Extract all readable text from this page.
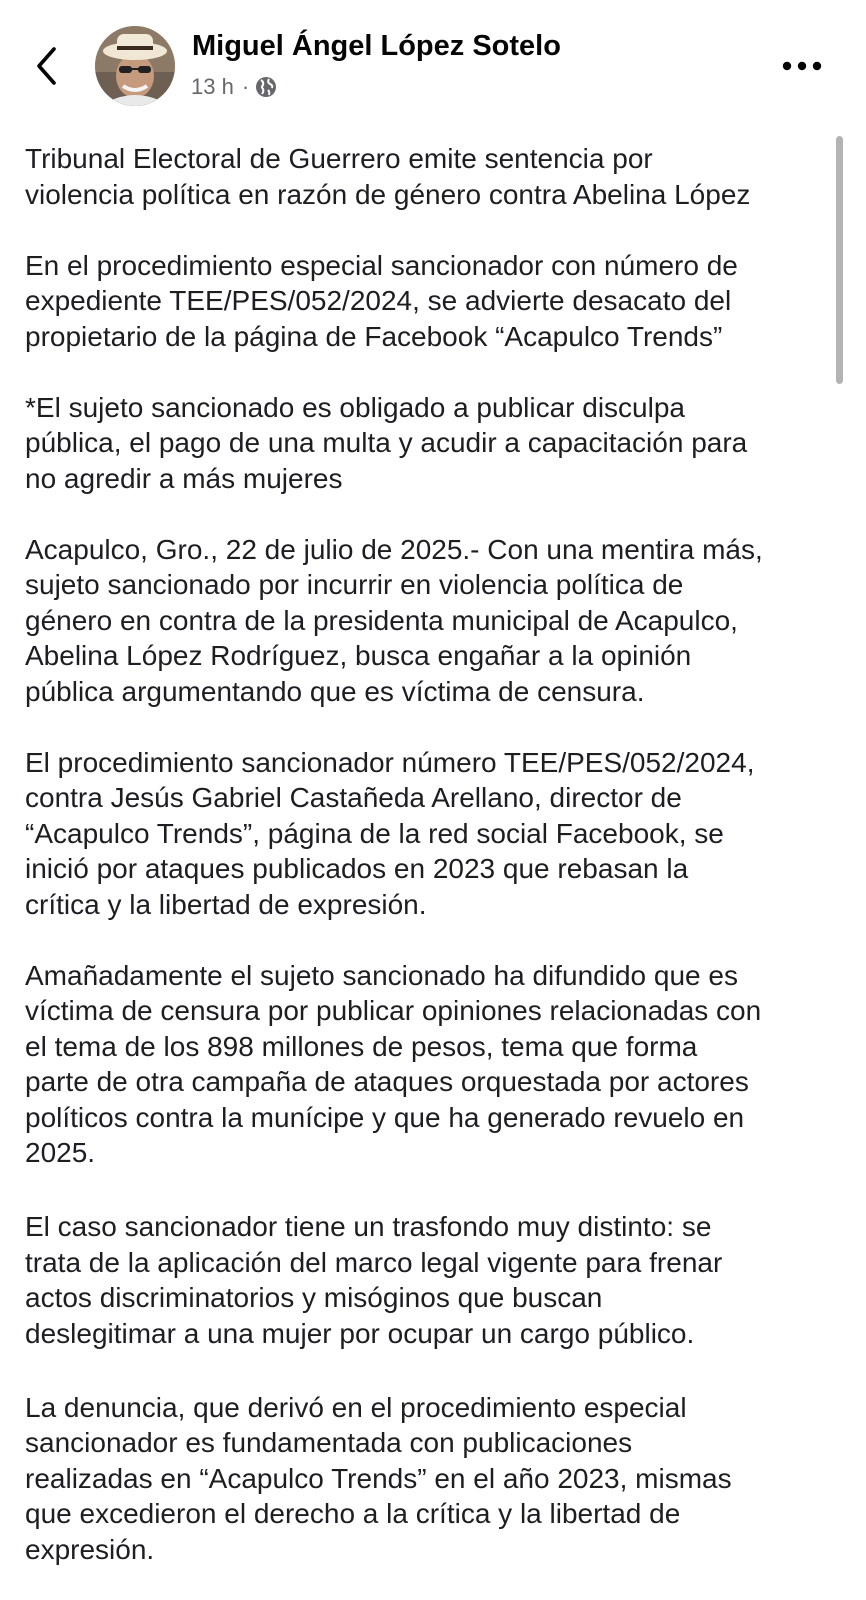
Miguel Ángel López Sotelo
13 h ·

Tribunal Electoral de Guerrero emite sentencia por
violencia política en razón de género contra Abelina López

En el procedimiento especial sancionador con número de
expediente TEE/PES/052/2024, se advierte desacato del
propietario de la página de Facebook “Acapulco Trends”

*El sujeto sancionado es obligado a publicar disculpa
pública, el pago de una multa y acudir a capacitación para
no agredir a más mujeres

Acapulco, Gro., 22 de julio de 2025.- Con una mentira más,
sujeto sancionado por incurrir en violencia política de
género en contra de la presidenta municipal de Acapulco,
Abelina López Rodríguez, busca engañar a la opinión
pública argumentando que es víctima de censura.

El procedimiento sancionador número TEE/PES/052/2024,
contra Jesús Gabriel Castañeda Arellano, director de
“Acapulco Trends”, página de la red social Facebook, se
inició por ataques publicados en 2023 que rebasan la
crítica y la libertad de expresión.

Amañadamente el sujeto sancionado ha difundido que es
víctima de censura por publicar opiniones relacionadas con
el tema de los 898 millones de pesos, tema que forma
parte de otra campaña de ataques orquestada por actores
políticos contra la munícipe y que ha generado revuelo en
2025.

El caso sancionador tiene un trasfondo muy distinto: se
trata de la aplicación del marco legal vigente para frenar
actos discriminatorios y misóginos que buscan
deslegitimar a una mujer por ocupar un cargo público.

La denuncia, que derivó en el procedimiento especial
sancionador es fundamentada con publicaciones
realizadas en “Acapulco Trends” en el año 2023, mismas
que excedieron el derecho a la crítica y la libertad de
expresión.
